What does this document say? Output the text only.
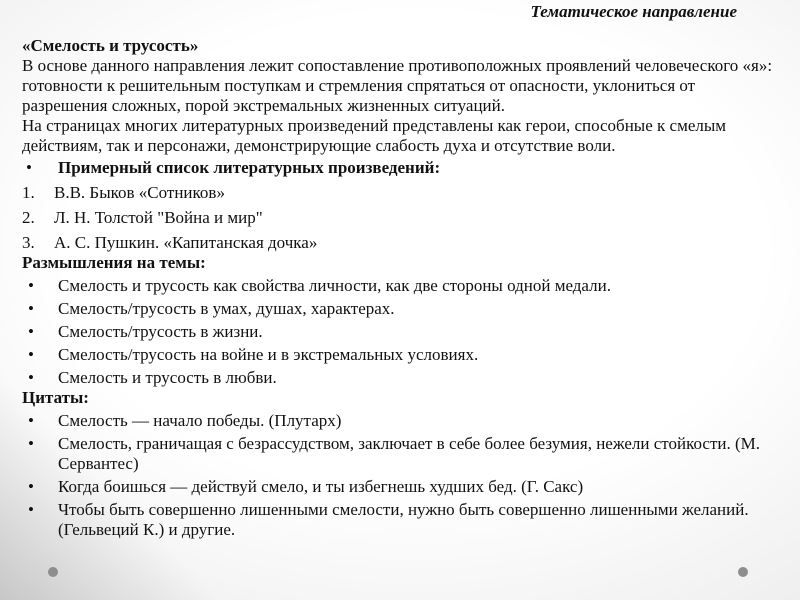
Тематическое направление
«Смелость и трусость»

В основе данного направления лежит сопоставление противоположных проявлений человеческого «я»: готовности к решительным поступкам и стремления спрятаться от опасности, уклониться от разрешения сложных, порой экстремальных жизненных ситуаций.

На страницах многих литературных произведений представлены как герои, способные к смелым действиям, так и персонажи, демонстрирующие слабость духа и отсутствие воли.

• Примерный список литературных произведений:
В.В. Быков «Сотников»
Л. Н. Толстой "Война и мир"
А. С. Пушкин. «Капитанская дочка»
Размышления на темы:
• Смелость и трусость как свойства личности, как две стороны одной медали.
• Смелость/трусость в умах, душах, характерах.
• Смелость/трусость в жизни.
• Смелость/трусость на войне и в экстремальных условиях.
• Смелость и трусость в любви.
Цитаты:
• Смелость — начало победы. (Плутарх)
• Смелость, граничащая с безрассудством, заключает в себе более безумия, нежели стойкости. (М. Сервантес)
• Когда боишься — действуй смело, и ты избегнешь худших бед. (Г. Сакс)
• Чтобы быть совершенно лишенными смелости, нужно быть совершенно лишенными желаний. (Гельвеций К.) и другие.
